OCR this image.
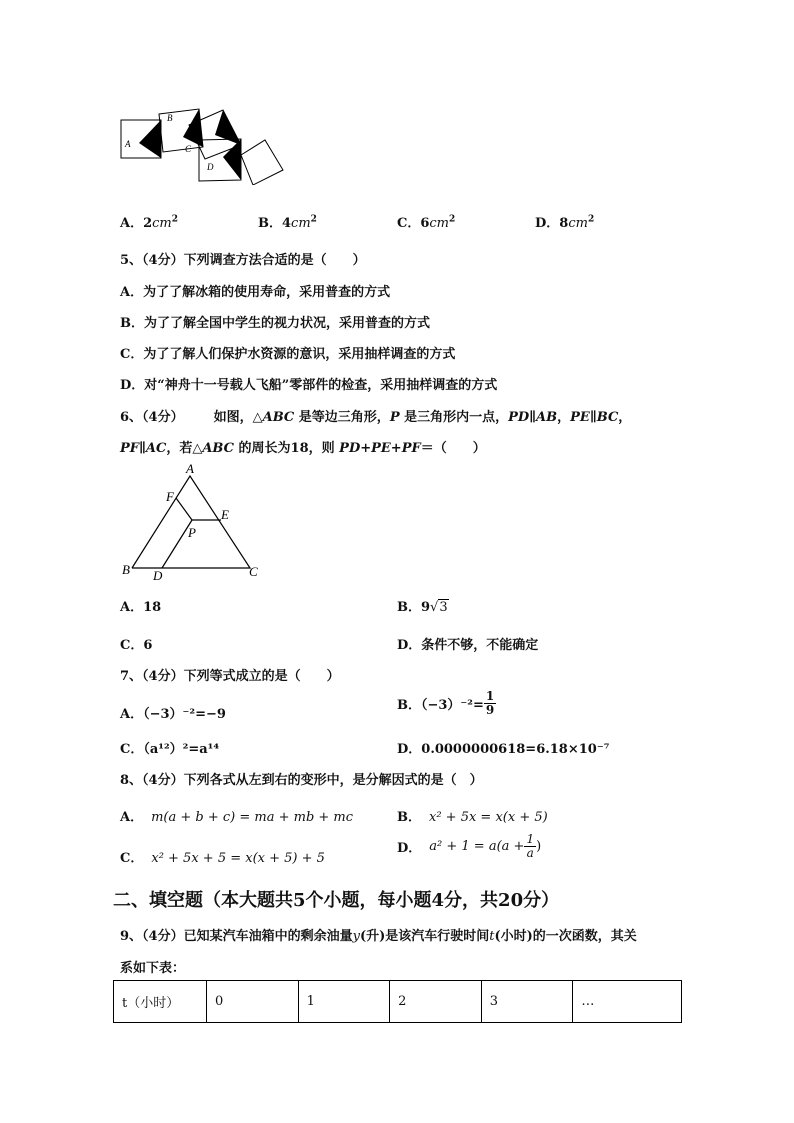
A
B
C
D
A．$2cm^2$	B．$4cm^2$	C．$6cm^2$	D．$8cm^2$
5、（4分）下列调查方法合适的是（　　）
A．为了了解冰箱的使用寿命，采用普查的方式
B．为了了解全国中学生的视力状况，采用普查的方式
C．为了了解人们保护水资源的意识，采用抽样调查的方式
D．对“神舟十一号载人飞船”零部件的检查，采用抽样调查的方式
6、（4分） 如图，△ABC 是等边三角形，P 是三角形内一点，PD∥AB，PE∥BC，
PF∥AC，若△ABC 的周长为18，则 PD+PE+PF＝（　　）
A
F
E
P
B D	C
A．18	B．9√3
C．6	D．条件不够，不能确定
7、（4分）下列等式成立的是（　　）
A．（−3）⁻²=−9
B．$(-3)^{-2}= \frac{1}{9}$
C．（a¹²）²=a¹⁴	D．0.0000000618=6.18×10⁻⁷
8、（4分）下列各式从左到右的变形中，是分解因式的是（　）
A． m(a + b + c) = ma + mb + mc	B． x² + 5x = x(x + 5)
C． x² + 5x + 5 = x(x + 5) + 5
D． $a^2 + 1 = a(a + \frac{1}{a}$ )
二、填空题（本大题共5个小题，每小题4分，共20分）
9、（4分）已知某汽车油箱中的剩余油量y(升)是该汽车行驶时间t(小时)的一次函数，其关
系如下表：
t（小时）	0	1	2	3	…
